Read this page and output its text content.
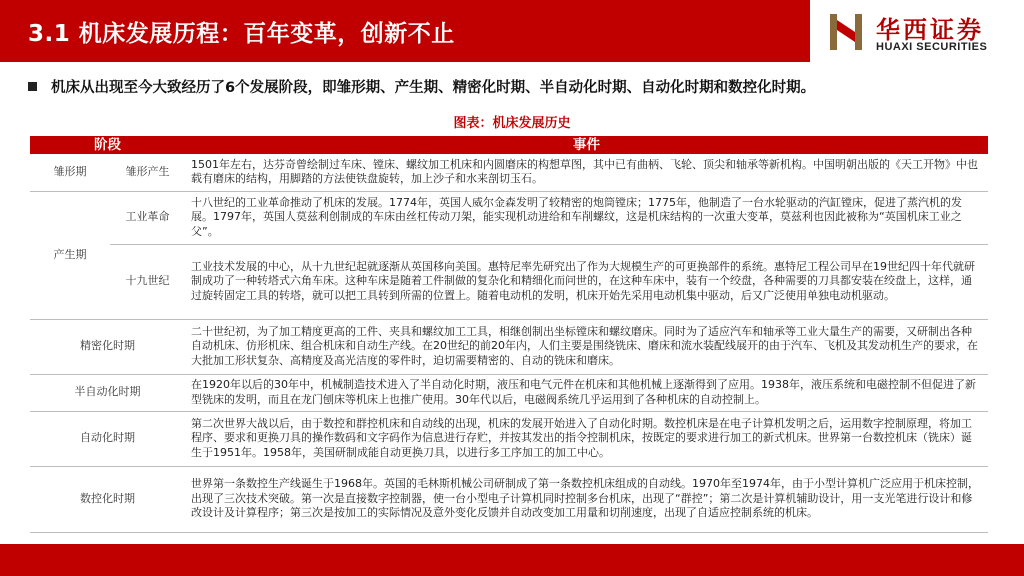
3.1 机床发展历程：百年变革，创新不止	华西证券
HUAXI SECURITIES
机床从出现至今大致经历了6个发展阶段，即雏形期、产生期、精密化时期、半自动化时期、自动化时期和数控化时期。
图表：机床发展历史
阶段		事件
雏形期	雏形产生	1501年左右，达芬奇曾绘制过车床、镗床、螺纹加工机床和内圆磨床的构想草图，其中已有曲柄、飞轮、顶尖和轴承等新机构。中国明朝出版的《天工开物》中也载有磨床的结构，用脚踏的方法使铁盘旋转，加上沙子和水来剖切玉石。
产生期	工业革命	十八世纪的工业革命推动了机床的发展。1774年，英国人威尔金森发明了较精密的炮筒镗床；1775年，他制造了一台水轮驱动的汽缸镗床，促进了蒸汽机的发展。1797年，英国人莫兹利创制成的车床由丝杠传动刀架，能实现机动进给和车削螺纹，这是机床结构的一次重大变革，莫兹利也因此被称为“英国机床工业之父”。
	十九世纪	工业技术发展的中心，从十九世纪起就逐渐从英国移向美国。惠特尼率先研究出了作为大规模生产的可更换部件的系统。惠特尼工程公司早在19世纪四十年代就研制成功了一种转塔式六角车床。这种车床是随着工件制做的复杂化和精细化而问世的，在这种车床中，装有一个绞盘，各种需要的刀具都安装在绞盘上，这样，通过旋转固定工具的转塔，就可以把工具转到所需的位置上。随着电动机的发明，机床开始先采用电动机集中驱动，后又广泛使用单独电动机驱动。
精密化时期		二十世纪初，为了加工精度更高的工件、夹具和螺纹加工工具，相继创制出坐标镗床和螺纹磨床。同时为了适应汽车和轴承等工业大量生产的需要，又研制出各种自动机床、仿形机床、组合机床和自动生产线。在20世纪的前20年内，人们主要是围绕铣床、磨床和流水装配线展开的由于汽车、飞机及其发动机生产的要求，在大批加工形状复杂、高精度及高光洁度的零件时，迫切需要精密的、自动的铣床和磨床。
半自动化时期		在1920年以后的30年中，机械制造技术进入了半自动化时期，液压和电气元件在机床和其他机械上逐渐得到了应用。1938年，液压系统和电磁控制不但促进了新型铣床的发明，而且在龙门刨床等机床上也推广使用。30年代以后，电磁阀系统几乎运用到了各种机床的自动控制上。
自动化时期		第二次世界大战以后，由于数控和群控机床和自动线的出现，机床的发展开始进入了自动化时期。数控机床是在电子计算机发明之后，运用数字控制原理，将加工程序、要求和更换刀具的操作数码和文字码作为信息进行存贮，并按其发出的指令控制机床，按既定的要求进行加工的新式机床。世界第一台数控机床（铣床）诞生于1951年。1958年，美国研制成能自动更换刀具，以进行多工序加工的加工中心。
数控化时期		世界第一条数控生产线诞生于1968年。英国的毛林斯机械公司研制成了第一条数控机床组成的自动线。1970年至1974年，由于小型计算机广泛应用于机床控制，出现了三次技术突破。第一次是直接数字控制器，使一台小型电子计算机同时控制多台机床，出现了“群控”；第二次是计算机辅助设计，用一支光笔进行设计和修改设计及计算程序；第三次是按加工的实际情况及意外变化反馈并自动改变加工用量和切削速度，出现了自适应控制系统的机床。
